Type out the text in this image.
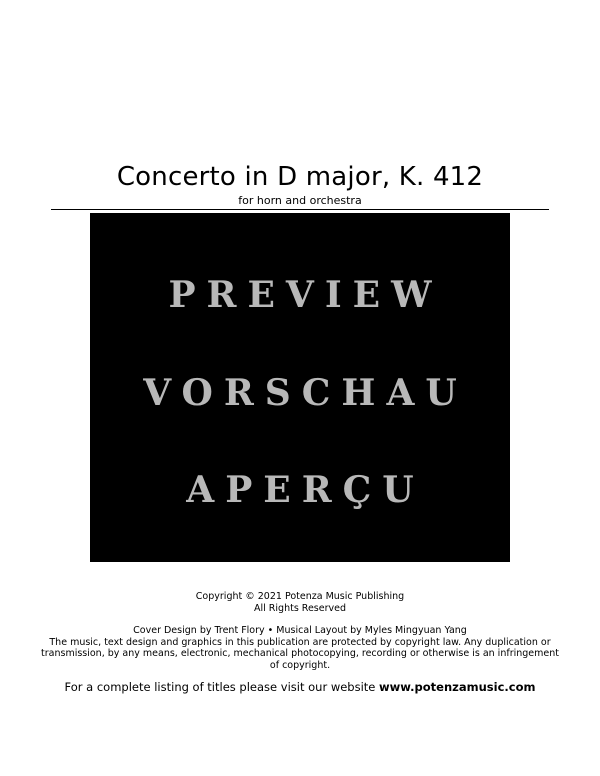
Concerto in D major, K. 412
for horn and orchestra
PREVIEW
VORSCHAU
APERÇU
Copyright © 2021 Potenza Music Publishing
All Rights Reserved

Cover Design by Trent Flory • Musical Layout by Myles Mingyuan Yang

The music, text design and graphics in this publication are protected by copyright law. Any duplication or transmission, by any means, electronic, mechanical photocopying, recording or otherwise is an infringement of copyright.

For a complete listing of titles please visit our website www.potenzamusic.com
